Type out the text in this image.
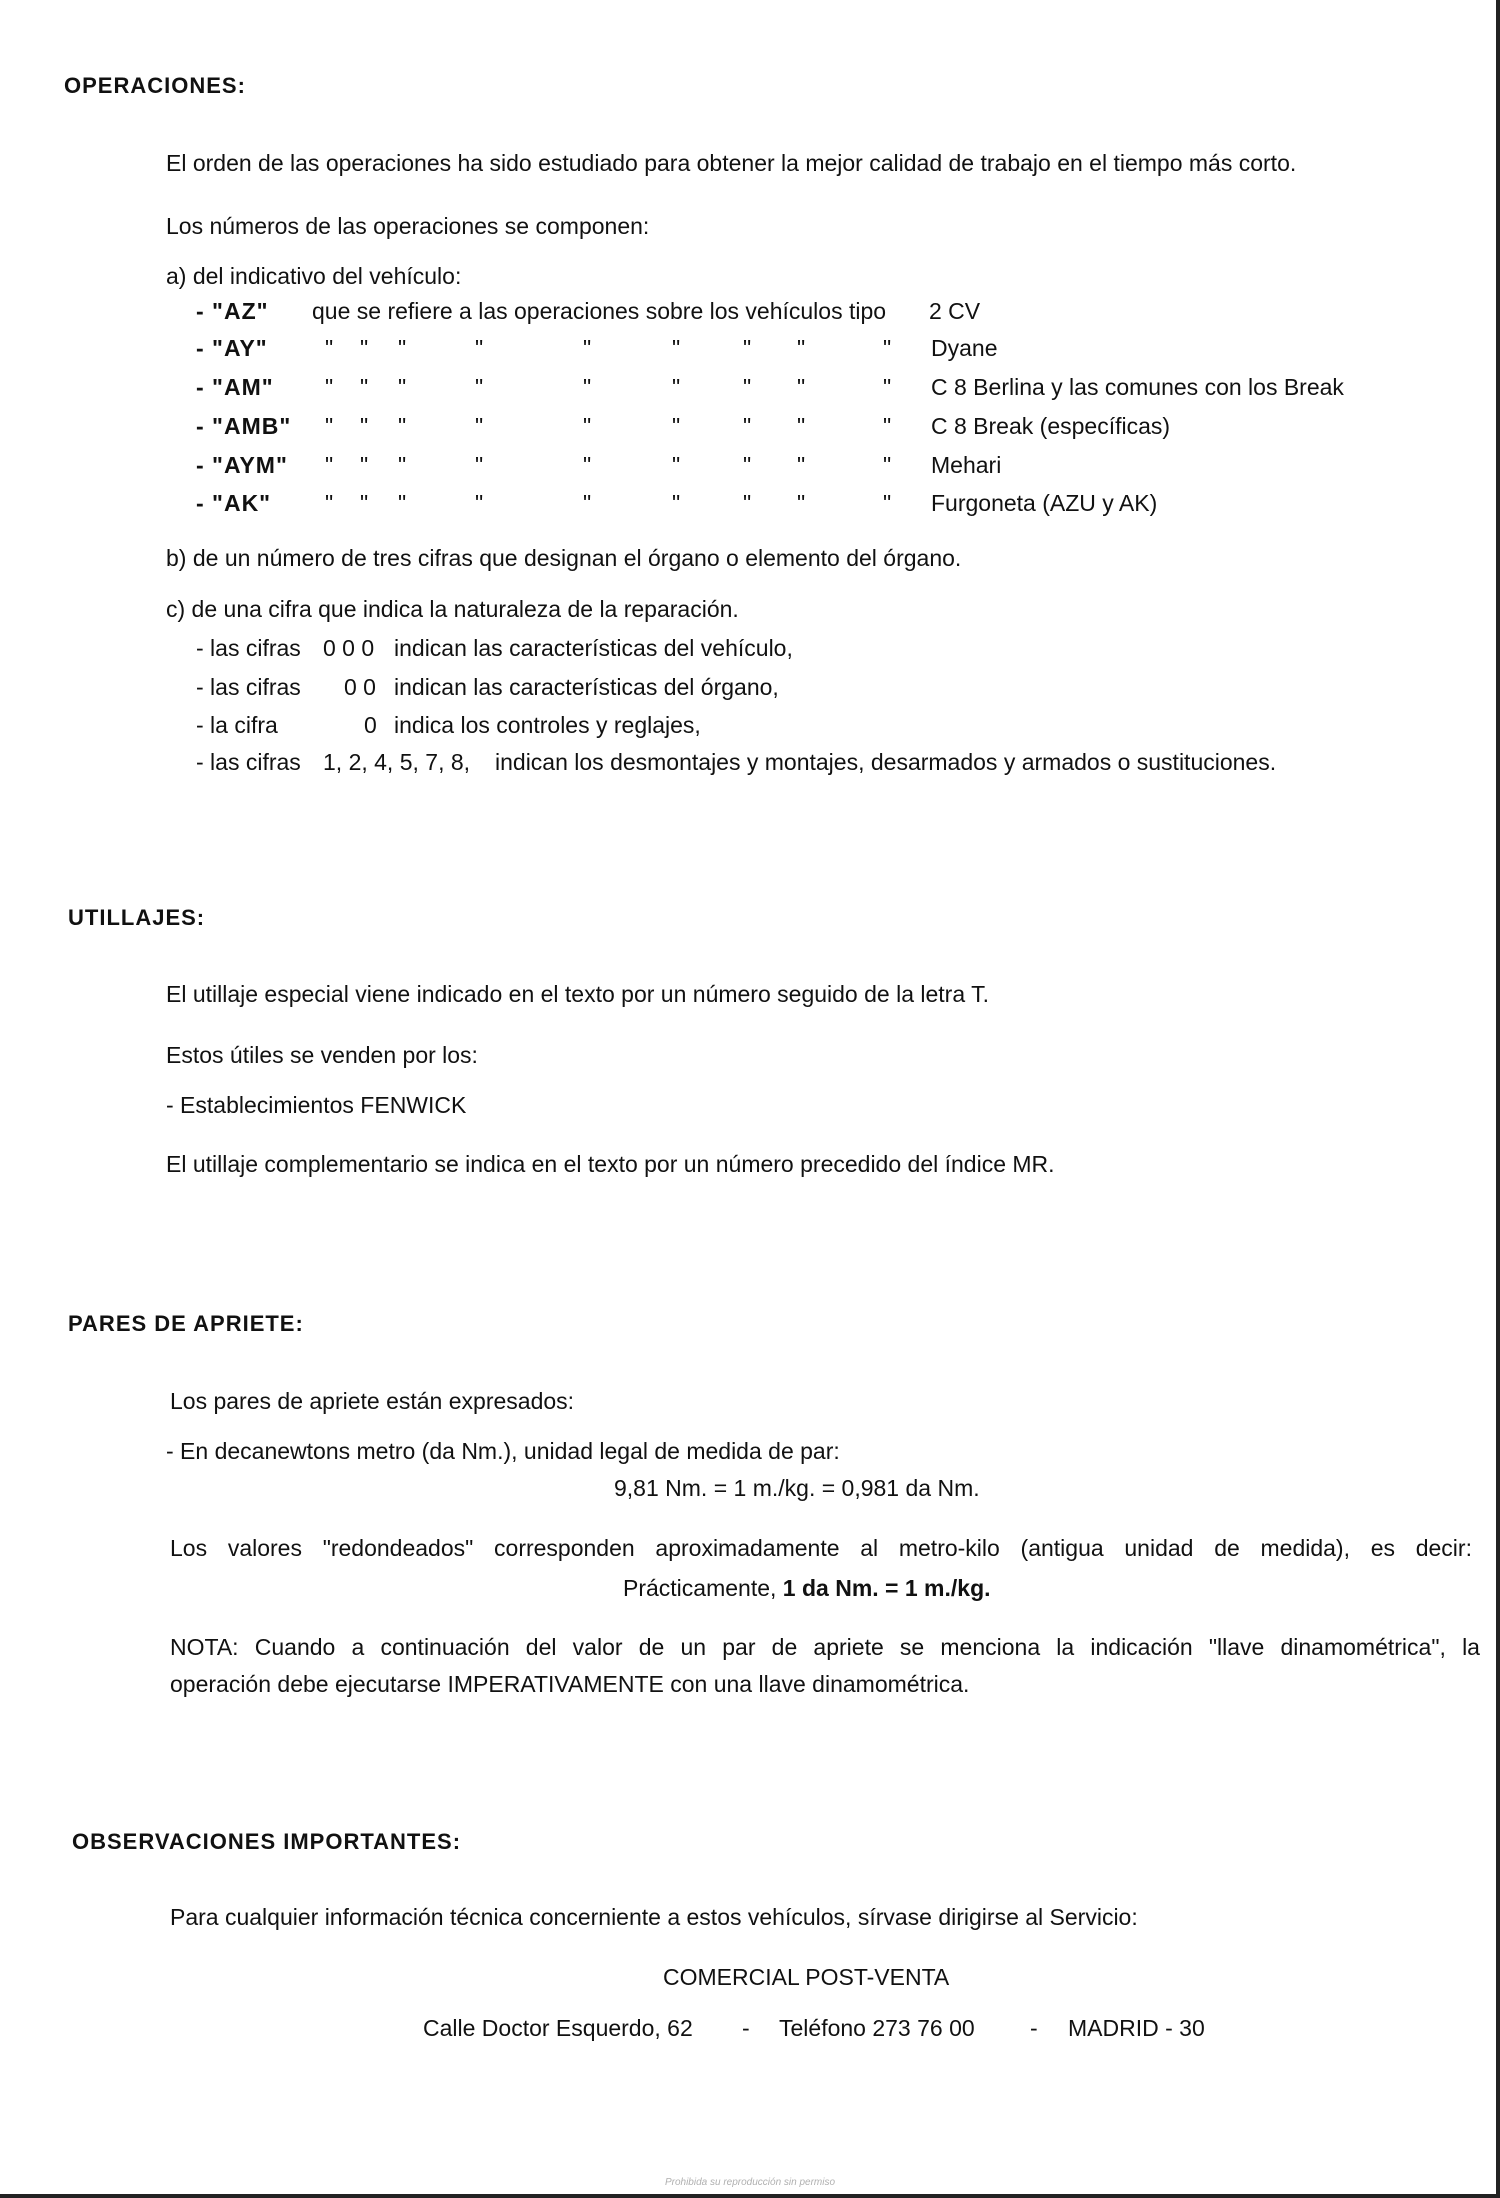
OPERACIONES:
El orden de las operaciones ha sido estudiado para obtener la mejor calidad de trabajo en el tiempo más corto.
Los números de las operaciones se componen:
a) del indicativo del vehículo:
- "AZ" que se refiere a las operaciones sobre los vehículos tipo 2 CV
- "AY" " " "	"	"	"	" "	" Dyane
- "AM" " " "	"	"	"	" "	" C 8 Berlina y las comunes con los Break
- "AMB" " " "	"	"	"	" "	" C 8 Break (específicas)
- "AYM" " " "	"	"	"	" "	" Mehari
- "AK" " " "	"	"	"	" "	" Furgoneta (AZU y AK)
b) de un número de tres cifras que designan el órgano o elemento del órgano.
c) de una cifra que indica la naturaleza de la reparación.
- las cifras 0 0 0 indican las características del vehículo,
- las cifras 0 0 indican las características del órgano,
- la cifra	0 indica los controles y reglajes,
- las cifras 1, 2, 4, 5, 7, 8, indican los desmontajes y montajes, desarmados y armados o sustituciones.
UTILLAJES:
El utillaje especial viene indicado en el texto por un número seguido de la letra T.
Estos útiles se venden por los:
- Establecimientos FENWICK
El utillaje complementario se indica en el texto por un número precedido del índice MR.
PARES DE APRIETE:
Los pares de apriete están expresados:
- En decanewtons metro (da Nm.), unidad legal de medida de par:
9,81 Nm. = 1 m./kg. = 0,981 da Nm.
Los valores "redondeados" corresponden aproximadamente al metro-kilo (antigua unidad de medida), es decir:
Prácticamente, 1 da Nm. = 1 m./kg.
NOTA: Cuando a continuación del valor de un par de apriete se menciona la indicación "llave dinamométrica", la
operación debe ejecutarse IMPERATIVAMENTE con una llave dinamométrica.
OBSERVACIONES IMPORTANTES:
Para cualquier información técnica concerniente a estos vehículos, sírvase dirigirse al Servicio:
COMERCIAL POST-VENTA
Calle Doctor Esquerdo, 62 - Teléfono 273 76 00 - MADRID - 30
Prohibida su reproducción sin permiso
